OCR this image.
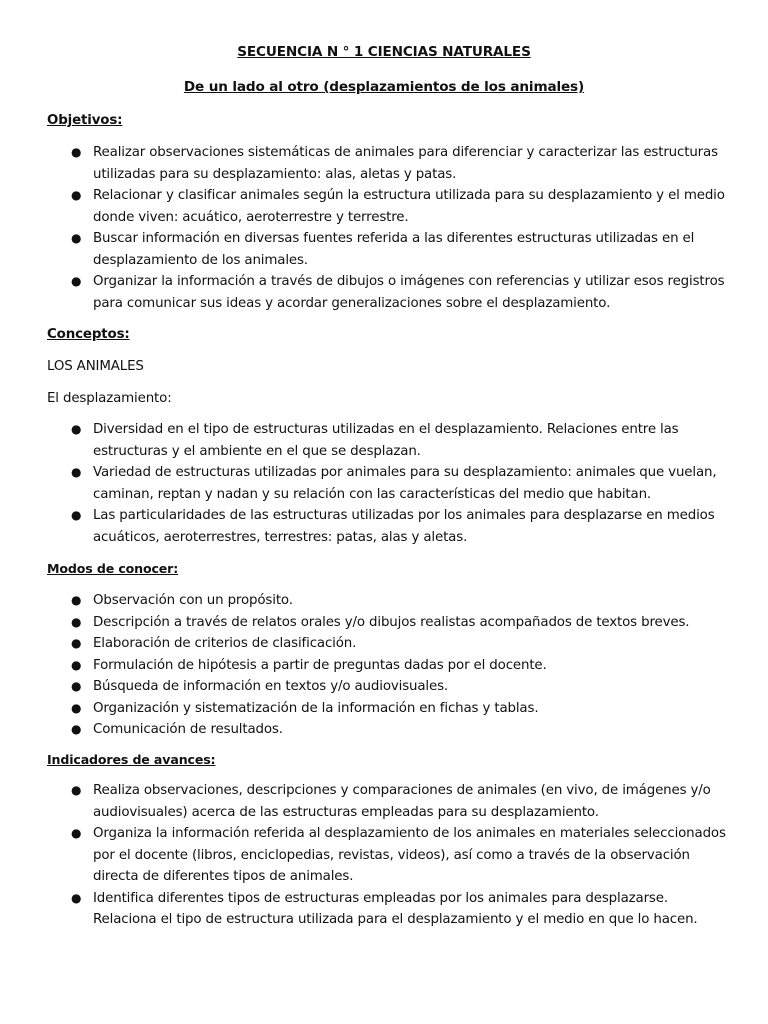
SECUENCIA N ° 1 CIENCIAS NATURALES
De un lado al otro (desplazamientos de los animales)
Objetivos:
● Realizar observaciones sistemáticas de animales para diferenciar y caracterizar las estructuras utilizadas para su desplazamiento: alas, aletas y patas.
● Relacionar y clasificar animales según la estructura utilizada para su desplazamiento y el medio donde viven: acuático, aeroterrestre y terrestre.
● Buscar información en diversas fuentes referida a las diferentes estructuras utilizadas en el desplazamiento de los animales.
● Organizar la información a través de dibujos o imágenes con referencias y utilizar esos registros para comunicar sus ideas y acordar generalizaciones sobre el desplazamiento.
Conceptos:
LOS ANIMALES
El desplazamiento:
● Diversidad en el tipo de estructuras utilizadas en el desplazamiento. Relaciones entre las estructuras y el ambiente en el que se desplazan.
● Variedad de estructuras utilizadas por animales para su desplazamiento: animales que vuelan, caminan, reptan y nadan y su relación con las características del medio que habitan.
● Las particularidades de las estructuras utilizadas por los animales para desplazarse en medios acuáticos, aeroterrestres, terrestres: patas, alas y aletas.
Modos de conocer:
● Observación con un propósito.
● Descripción a través de relatos orales y/o dibujos realistas acompañados de textos breves.
● Elaboración de criterios de clasificación.
● Formulación de hipótesis a partir de preguntas dadas por el docente.
● Búsqueda de información en textos y/o audiovisuales.
● Organización y sistematización de la información en fichas y tablas.
● Comunicación de resultados.
Indicadores de avances:
● Realiza observaciones, descripciones y comparaciones de animales (en vivo, de imágenes y/o audiovisuales) acerca de las estructuras empleadas para su desplazamiento.
● Organiza la información referida al desplazamiento de los animales en materiales seleccionados por el docente (libros, enciclopedias, revistas, videos), así como a través de la observación directa de diferentes tipos de animales.
● Identifica diferentes tipos de estructuras empleadas por los animales para desplazarse. Relaciona el tipo de estructura utilizada para el desplazamiento y el medio en que lo hacen.
